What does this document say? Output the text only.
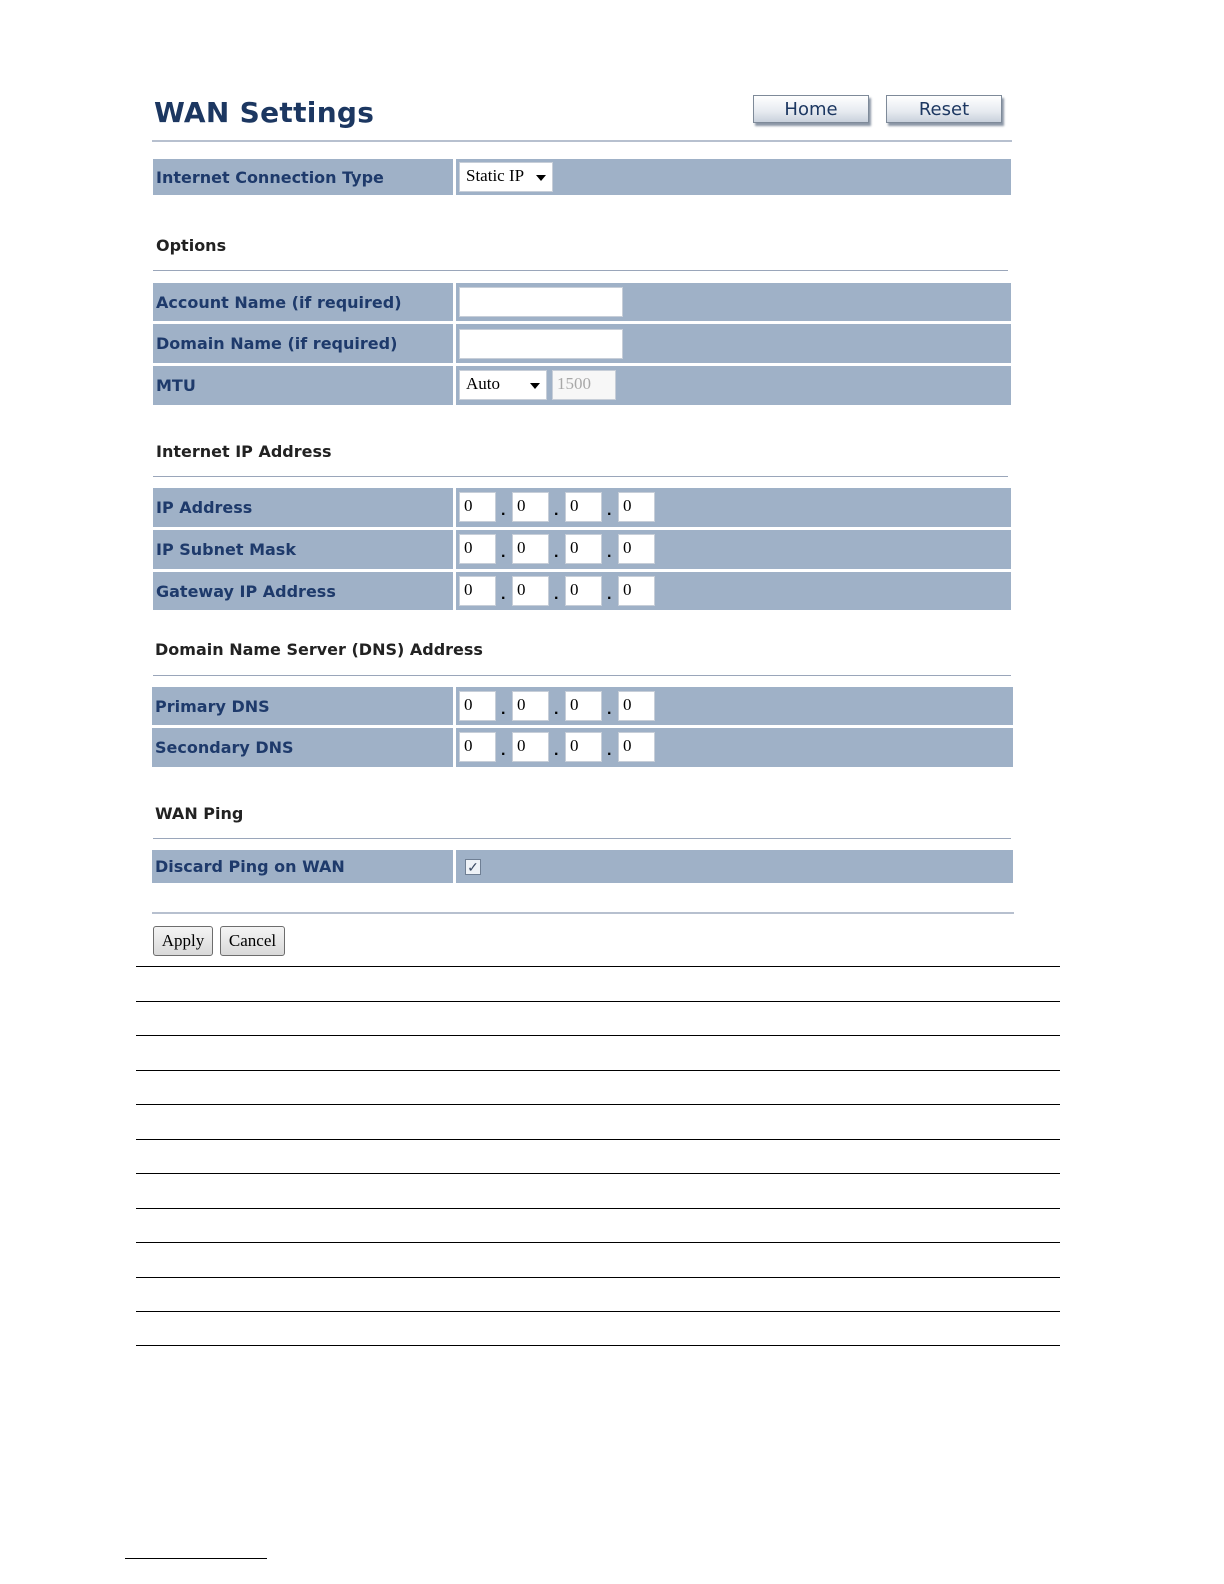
WAN Settings	Home	Reset
Internet Connection Type	Static IP
Options
Account Name (if required)
Domain Name (if required)
MTU	Auto	1500
Internet IP Address
IP Address	0	. 0	. 0	. 0
IP Subnet Mask	0	. 0	. 0	. 0
Gateway IP Address	0	. 0	. 0	. 0
Domain Name Server (DNS) Address
Primary DNS	0	. 0	. 0	. 0
Secondary DNS	0	. 0	. 0	. 0
WAN Ping
Discard Ping on WAN	✓
Apply	Cancel
